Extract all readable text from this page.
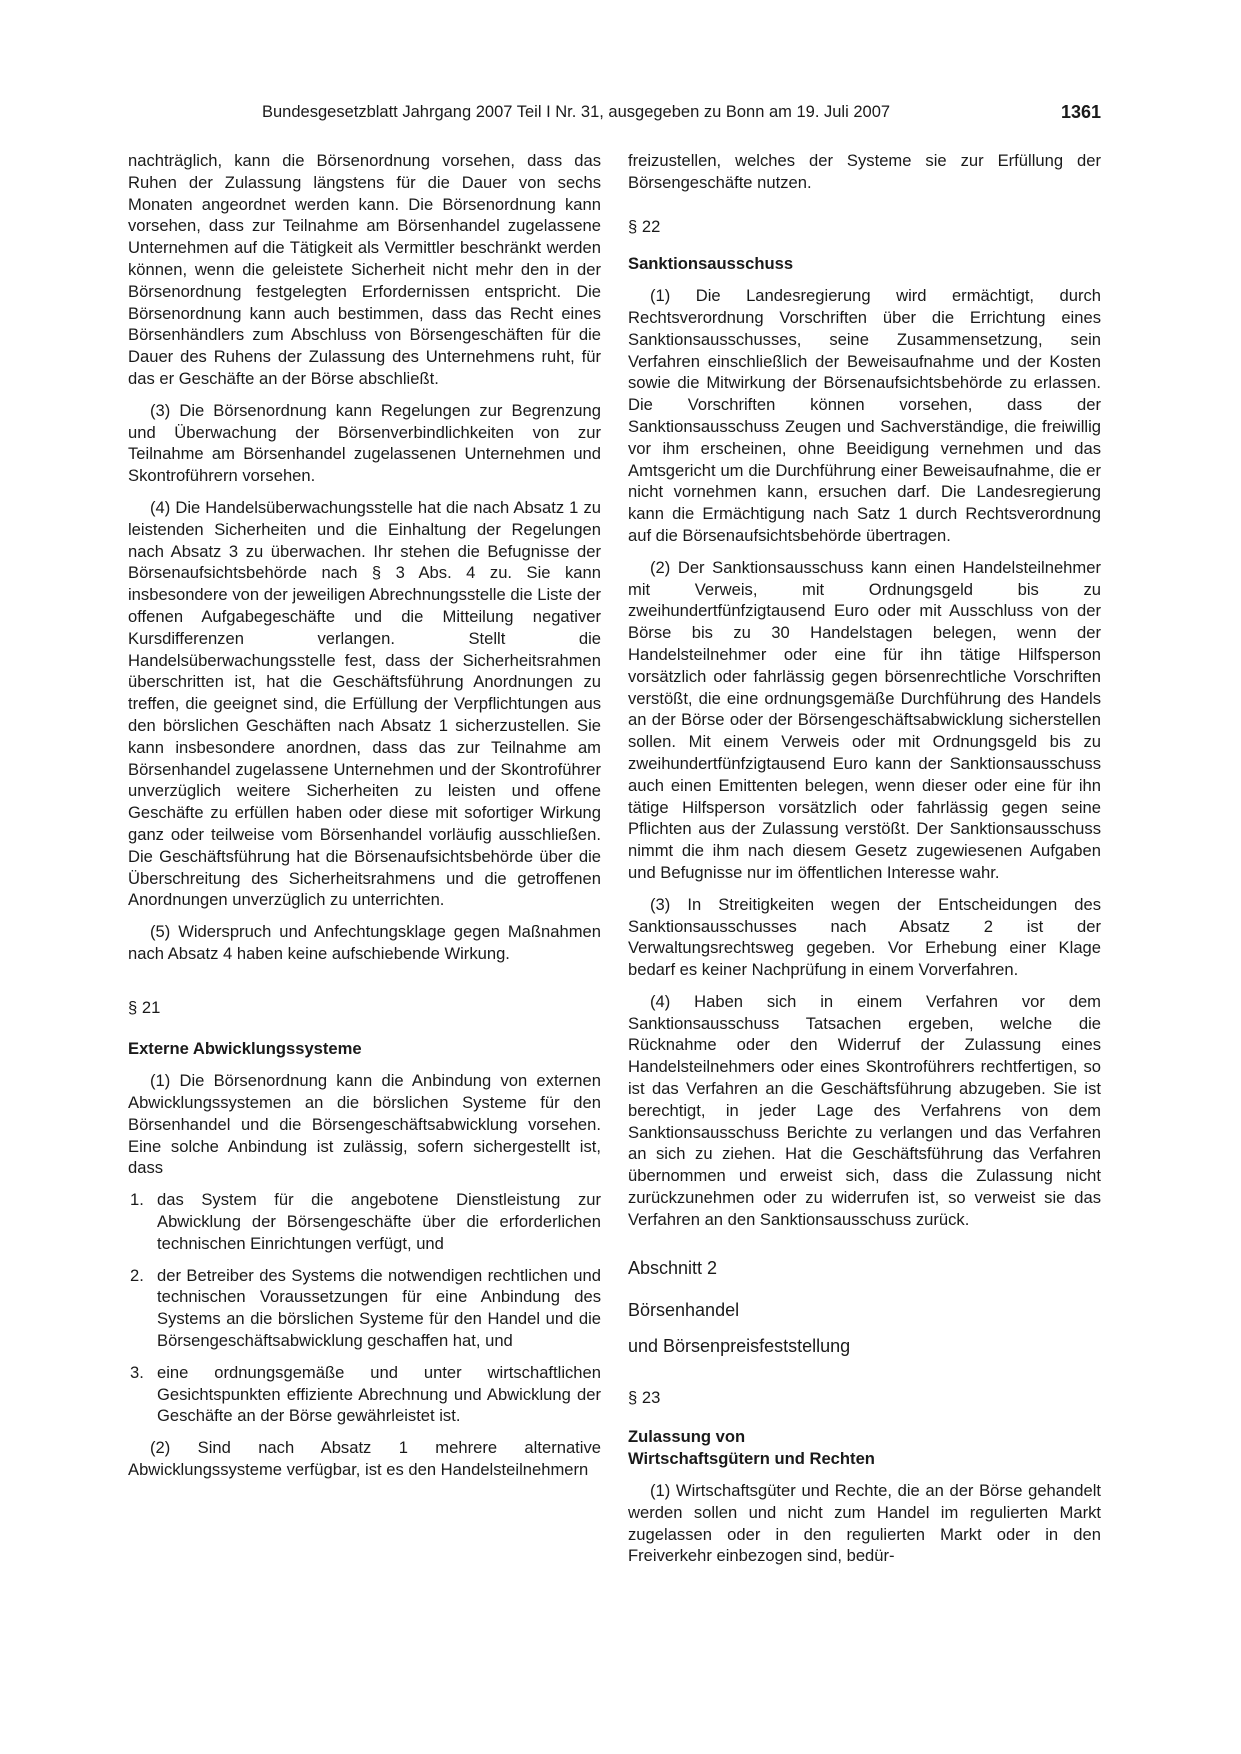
Bundesgesetzblatt Jahrgang 2007 Teil I Nr. 31, ausgegeben zu Bonn am 19. Juli 2007	1361

nachträglich, kann die Börsenordnung vorsehen, dass das Ruhen der Zulassung längstens für die Dauer von sechs Monaten angeordnet werden kann. Die Börsenordnung kann vorsehen, dass zur Teilnahme am Börsenhandel zugelassene Unternehmen auf die Tätigkeit als Vermittler beschränkt werden können, wenn die geleistete Sicherheit nicht mehr den in der Börsenordnung festgelegten Erfordernissen entspricht. Die Börsenordnung kann auch bestimmen, dass das Recht eines Börsenhändlers zum Abschluss von Börsengeschäften für die Dauer des Ruhens der Zulassung des Unternehmens ruht, für das er Geschäfte an der Börse abschließt.

(3) Die Börsenordnung kann Regelungen zur Begrenzung und Überwachung der Börsenverbindlichkeiten von zur Teilnahme am Börsenhandel zugelassenen Unternehmen und Skontroführern vorsehen.

(4) Die Handelsüberwachungsstelle hat die nach Absatz 1 zu leistenden Sicherheiten und die Einhaltung der Regelungen nach Absatz 3 zu überwachen. Ihr stehen die Befugnisse der Börsenaufsichtsbehörde nach § 3 Abs. 4 zu. Sie kann insbesondere von der jeweiligen Abrechnungsstelle die Liste der offenen Aufgabegeschäfte und die Mitteilung negativer Kursdifferenzen verlangen. Stellt die Handelsüberwachungsstelle fest, dass der Sicherheitsrahmen überschritten ist, hat die Geschäftsführung Anordnungen zu treffen, die geeignet sind, die Erfüllung der Verpflichtungen aus den börslichen Geschäften nach Absatz 1 sicherzustellen. Sie kann insbesondere anordnen, dass das zur Teilnahme am Börsenhandel zugelassene Unternehmen und der Skontroführer unverzüglich weitere Sicherheiten zu leisten und offene Geschäfte zu erfüllen haben oder diese mit sofortiger Wirkung ganz oder teilweise vom Börsenhandel vorläufig ausschließen. Die Geschäftsführung hat die Börsenaufsichtsbehörde über die Überschreitung des Sicherheitsrahmens und die getroffenen Anordnungen unverzüglich zu unterrichten.

(5) Widerspruch und Anfechtungsklage gegen Maßnahmen nach Absatz 4 haben keine aufschiebende Wirkung.

§ 21

Externe Abwicklungssysteme

(1) Die Börsenordnung kann die Anbindung von externen Abwicklungssystemen an die börslichen Systeme für den Börsenhandel und die Börsengeschäftsabwicklung vorsehen. Eine solche Anbindung ist zulässig, sofern sichergestellt ist, dass

1. das System für die angebotene Dienstleistung zur Abwicklung der Börsengeschäfte über die erforderlichen technischen Einrichtungen verfügt, und
2. der Betreiber des Systems die notwendigen rechtlichen und technischen Voraussetzungen für eine Anbindung des Systems an die börslichen Systeme für den Handel und die Börsengeschäftsabwicklung geschaffen hat, und
3. eine ordnungsgemäße und unter wirtschaftlichen Gesichtspunkten effiziente Abrechnung und Abwicklung der Geschäfte an der Börse gewährleistet ist.

(2) Sind nach Absatz 1 mehrere alternative Abwicklungssysteme verfügbar, ist es den Handelsteilnehmern

freizustellen, welches der Systeme sie zur Erfüllung der Börsengeschäfte nutzen.

§ 22

Sanktionsausschuss

(1) Die Landesregierung wird ermächtigt, durch Rechtsverordnung Vorschriften über die Errichtung eines Sanktionsausschusses, seine Zusammensetzung, sein Verfahren einschließlich der Beweisaufnahme und der Kosten sowie die Mitwirkung der Börsenaufsichtsbehörde zu erlassen. Die Vorschriften können vorsehen, dass der Sanktionsausschuss Zeugen und Sachverständige, die freiwillig vor ihm erscheinen, ohne Beeidigung vernehmen und das Amtsgericht um die Durchführung einer Beweisaufnahme, die er nicht vornehmen kann, ersuchen darf. Die Landesregierung kann die Ermächtigung nach Satz 1 durch Rechtsverordnung auf die Börsenaufsichtsbehörde übertragen.

(2) Der Sanktionsausschuss kann einen Handelsteilnehmer mit Verweis, mit Ordnungsgeld bis zu zweihundertfünfzigtausend Euro oder mit Ausschluss von der Börse bis zu 30 Handelstagen belegen, wenn der Handelsteilnehmer oder eine für ihn tätige Hilfsperson vorsätzlich oder fahrlässig gegen börsenrechtliche Vorschriften verstößt, die eine ordnungsgemäße Durchführung des Handels an der Börse oder der Börsengeschäftsabwicklung sicherstellen sollen. Mit einem Verweis oder mit Ordnungsgeld bis zu zweihundertfünfzigtausend Euro kann der Sanktionsausschuss auch einen Emittenten belegen, wenn dieser oder eine für ihn tätige Hilfsperson vorsätzlich oder fahrlässig gegen seine Pflichten aus der Zulassung verstößt. Der Sanktionsausschuss nimmt die ihm nach diesem Gesetz zugewiesenen Aufgaben und Befugnisse nur im öffentlichen Interesse wahr.

(3) In Streitigkeiten wegen der Entscheidungen des Sanktionsausschusses nach Absatz 2 ist der Verwaltungsrechtsweg gegeben. Vor Erhebung einer Klage bedarf es keiner Nachprüfung in einem Vorverfahren.

(4) Haben sich in einem Verfahren vor dem Sanktionsausschuss Tatsachen ergeben, welche die Rücknahme oder den Widerruf der Zulassung eines Handelsteilnehmers oder eines Skontroführers rechtfertigen, so ist das Verfahren an die Geschäftsführung abzugeben. Sie ist berechtigt, in jeder Lage des Verfahrens von dem Sanktionsausschuss Berichte zu verlangen und das Verfahren an sich zu ziehen. Hat die Geschäftsführung das Verfahren übernommen und erweist sich, dass die Zulassung nicht zurückzunehmen oder zu widerrufen ist, so verweist sie das Verfahren an den Sanktionsausschuss zurück.

Abschnitt 2

Börsenhandel

und Börsenpreisfeststellung

§ 23

Zulassung von

Wirtschaftsgütern und Rechten

(1) Wirtschaftsgüter und Rechte, die an der Börse gehandelt werden sollen und nicht zum Handel im regulierten Markt zugelassen oder in den regulierten Markt oder in den Freiverkehr einbezogen sind, bedür-
